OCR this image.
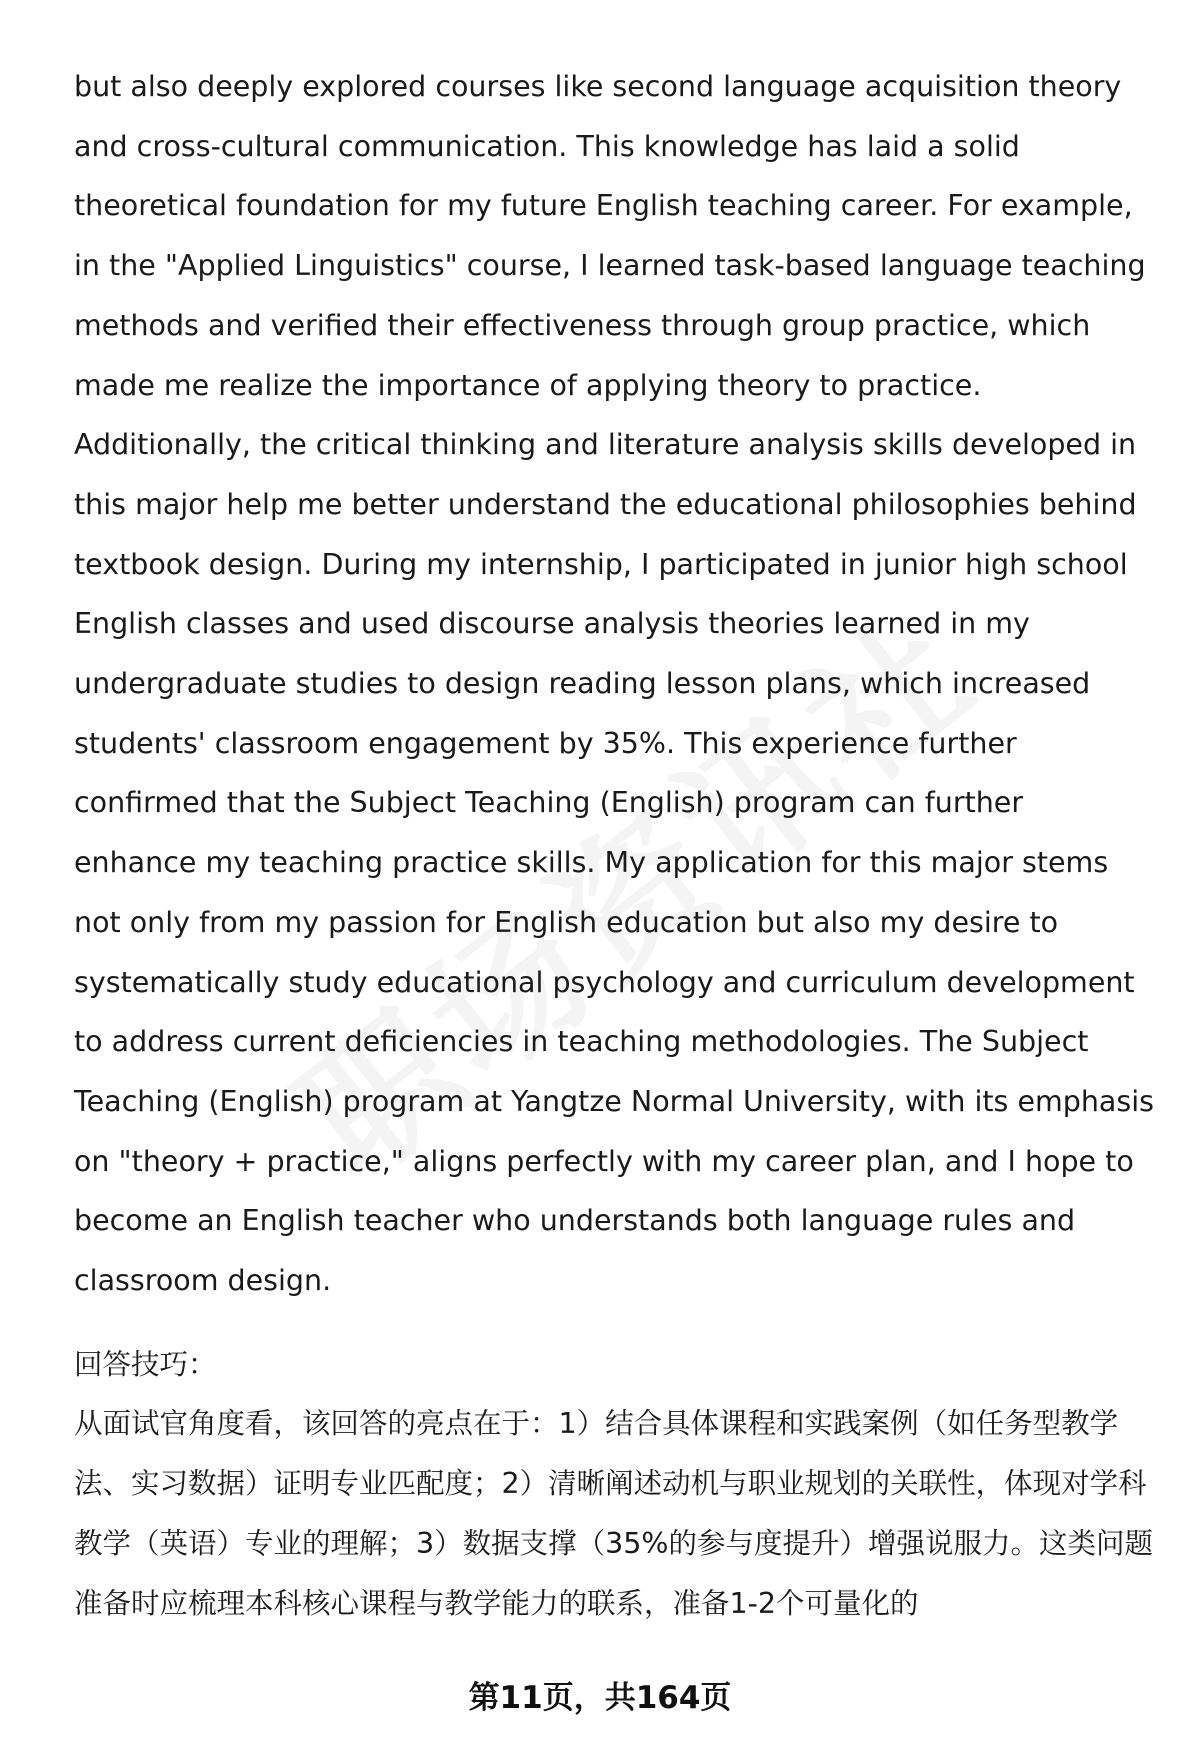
but also deeply explored courses like second language acquisition theory and cross-cultural communication. This knowledge has laid a solid theoretical foundation for my future English teaching career. For example, in the "Applied Linguistics" course, I learned task-based language teaching methods and verified their effectiveness through group practice, which made me realize the importance of applying theory to practice. Additionally, the critical thinking and literature analysis skills developed in this major help me better understand the educational philosophies behind textbook design. During my internship, I participated in junior high school English classes and used discourse analysis theories learned in my undergraduate studies to design reading lesson plans, which increased students' classroom engagement by 35%. This experience further confirmed that the Subject Teaching (English) program can further enhance my teaching practice skills. My application for this major stems not only from my passion for English education but also my desire to systematically study educational psychology and curriculum development to address current deficiencies in teaching methodologies. The Subject Teaching (English) program at Yangtze Normal University, with its emphasis on "theory + practice," aligns perfectly with my career plan, and I hope to become an English teacher who understands both language rules and classroom design.

回答技巧：

从面试官角度看，该回答的亮点在于：1）结合具体课程和实践案例（如任务型教学法、实习数据）证明专业匹配度；2）清晰阐述动机与职业规划的关联性，体现对学科教学（英语）专业的理解；3）数据支撑（35%的参与度提升）增强说服力。这类问题准备时应梳理本科核心课程与教学能力的联系，准备1-2个可量化的

第11页，共164页
